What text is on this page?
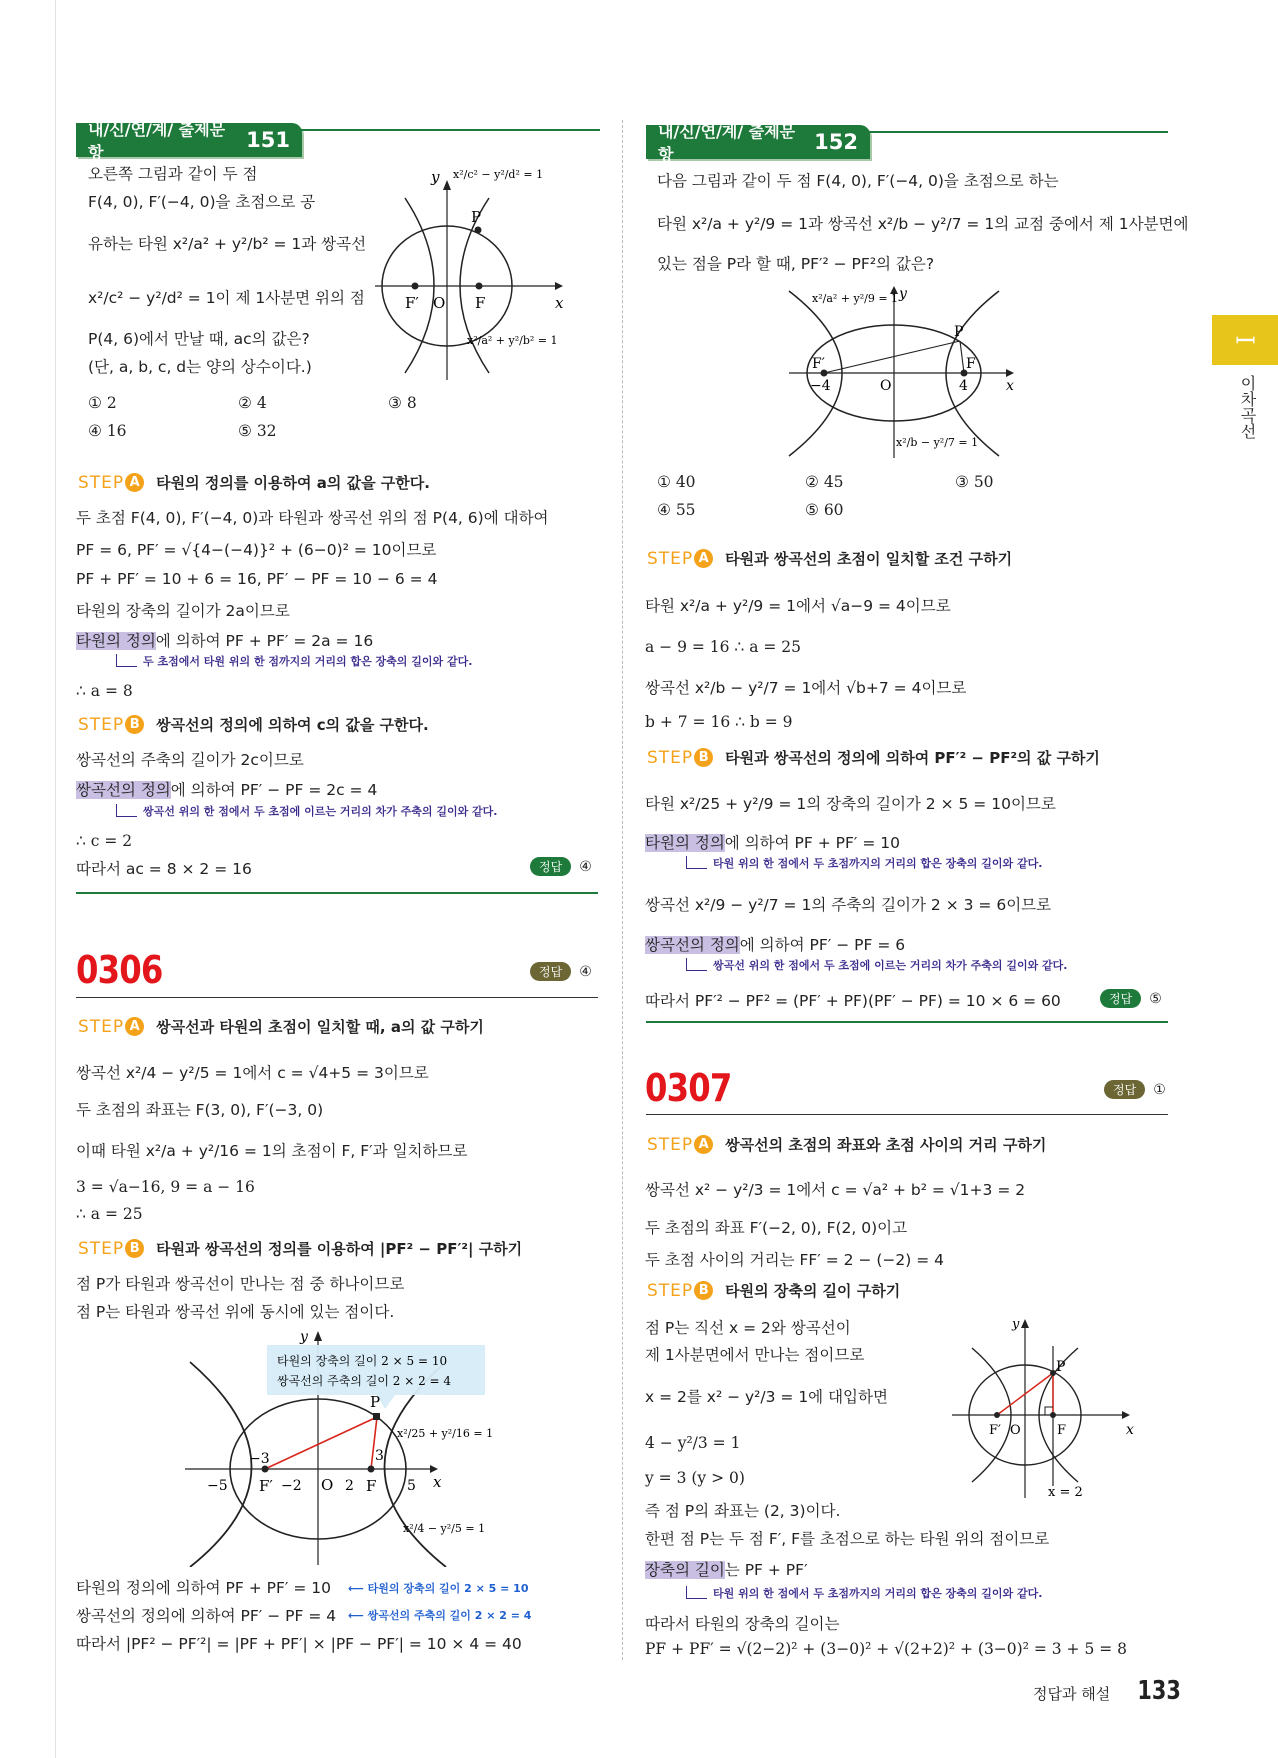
내/신/연/계/ 출제문항
151
오른쪽 그림과 같이 두 점
F(4, 0), F′(−4, 0)을 초점으로 공
유하는 타원 x²/a² + y²/b² = 1과 쌍곡선
x²/c² − y²/d² = 1이 제 1사분면 위의 점
P(4, 6)에서 만날 때, ac의 값은?
(단, a, b, c, d는 양의 상수이다.)
① 2	② 4	③ 8
④ 16	⑤ 32
P
F′ O F	x
y x²/c² − y²/d² = 1
x²/a² + y²/b² = 1
STEP A 타원의 정의를 이용하여 a의 값을 구한다.
두 초점 F(4, 0), F′(−4, 0)과 타원과 쌍곡선 위의 점 P(4, 6)에 대하여
PF = 6, PF′ = √{4−(−4)}² + (6−0)² = 10이므로
PF + PF′ = 10 + 6 = 16, PF′ − PF = 10 − 6 = 4
타원의 장축의 길이가 2a이므로
타원의 정의에 의하여 PF + PF′ = 2a = 16
두 초점에서 타원 위의 한 점까지의 거리의 합은 장축의 길이와 같다.
∴ a = 8
STEP B	쌍곡선의 정의에 의하여 c의 값을 구한다.
쌍곡선의 주축의 길이가 2c이므로
쌍곡선의 정의에 의하여 PF′ − PF = 2c = 4
쌍곡선 위의 한 점에서 두 초점에 이르는 거리의 차가 주축의 길이와 같다.
∴ c = 2
따라서 ac = 8 × 2 = 16	정답	④
0306	정답	④
STEP A 쌍곡선과 타원의 초점이 일치할 때, a의 값 구하기
쌍곡선 x²/4 − y²/5 = 1에서 c = √4+5 = 3이므로
두 초점의 좌표는 F(3, 0), F′(−3, 0)
이때 타원 x²/a + y²/16 = 1의 초점이 F, F′과 일치하므로
3 = √a−16, 9 = a − 16
∴ a = 25
STEP B	타원과 쌍곡선의 정의를 이용하여 |PF² − PF′²| 구하기
점 P가 타원과 쌍곡선이 만나는 점 중 하나이므로
점 P는 타원과 쌍곡선 위에 동시에 있는 점이다.
타원의 장축의 길이 2 × 5 = 10
쌍곡선의 주축의 길이 2 × 2 = 4
P
y
x
O
F′	F
−5
−3
−2	2
3
5
x²/25 + y²/16 = 1
x²/4 − y²/5 = 1
타원의 정의에 의하여 PF + PF′ = 10 ⟵ 타원의 장축의 길이 2 × 5 = 10
쌍곡선의 정의에 의하여 PF′ − PF = 4 ⟵ 쌍곡선의 주축의 길이 2 × 2 = 4
따라서 |PF² − PF′²| = |PF + PF′| × |PF − PF′| = 10 × 4 = 40
내/신/연/계/ 출제문항
152
다음 그림과 같이 두 점 F(4, 0), F′(−4, 0)을 초점으로 하는
타원 x²/a + y²/9 = 1과 쌍곡선 x²/b − y²/7 = 1의 교점 중에서 제 1사분면에
있는 점을 P라 할 때, PF′² − PF²의 값은?
P
F′	F
−4	4
O	x
y
x²/a² + y²/9 = 1
x²/b − y²/7 = 1
① 40	② 45	③ 50
④ 55	⑤ 60
STEP A 타원과 쌍곡선의 초점이 일치할 조건 구하기
타원 x²/a + y²/9 = 1에서 √a−9 = 4이므로
a − 9 = 16 ∴ a = 25
쌍곡선 x²/b − y²/7 = 1에서 √b+7 = 4이므로
b + 7 = 16 ∴ b = 9
STEP B	타원과 쌍곡선의 정의에 의하여 PF′² − PF²의 값 구하기
타원 x²/25 + y²/9 = 1의 장축의 길이가 2 × 5 = 10이므로
타원의 정의에 의하여 PF + PF′ = 10
타원 위의 한 점에서 두 초점까지의 거리의 합은 장축의 길이와 같다.
쌍곡선 x²/9 − y²/7 = 1의 주축의 길이가 2 × 3 = 6이므로
쌍곡선의 정의에 의하여 PF′ − PF = 6
쌍곡선 위의 한 점에서 두 초점에 이르는 거리의 차가 주축의 길이와 같다.
따라서 PF′² − PF² = (PF′ + PF)(PF′ − PF) = 10 × 6 = 60	정답	⑤
0307	정답	①
STEP A 쌍곡선의 초점의 좌표와 초점 사이의 거리 구하기
쌍곡선 x² − y²/3 = 1에서 c = √a² + b² = √1+3 = 2
두 초점의 좌표 F′(−2, 0), F(2, 0)이고
두 초점 사이의 거리는 FF′ = 2 − (−2) = 4
STEP B	타원의 장축의 길이 구하기
점 P는 직선 x = 2와 쌍곡선이
제 1사분면에서 만나는 점이므로
x = 2를 x² − y²/3 = 1에 대입하면
4 − y²/3 = 1
y = 3 (y > 0)
즉 점 P의 좌표는 (2, 3)이다.
한편 점 P는 두 점 F′, F를 초점으로 하는 타원 위의 점이므로
장축의 길이는 PF + PF′
타원 위의 한 점에서 두 초점까지의 거리의 합은 장축의 길이와 같다.
따라서 타원의 장축의 길이는
PF + PF′ = √(2−2)² + (3−0)² + √(2+2)² + (3−0)² = 3 + 5 = 8
P
F′ O	F	x
y
x = 2
I
이차곡선
정답과 해설 133
